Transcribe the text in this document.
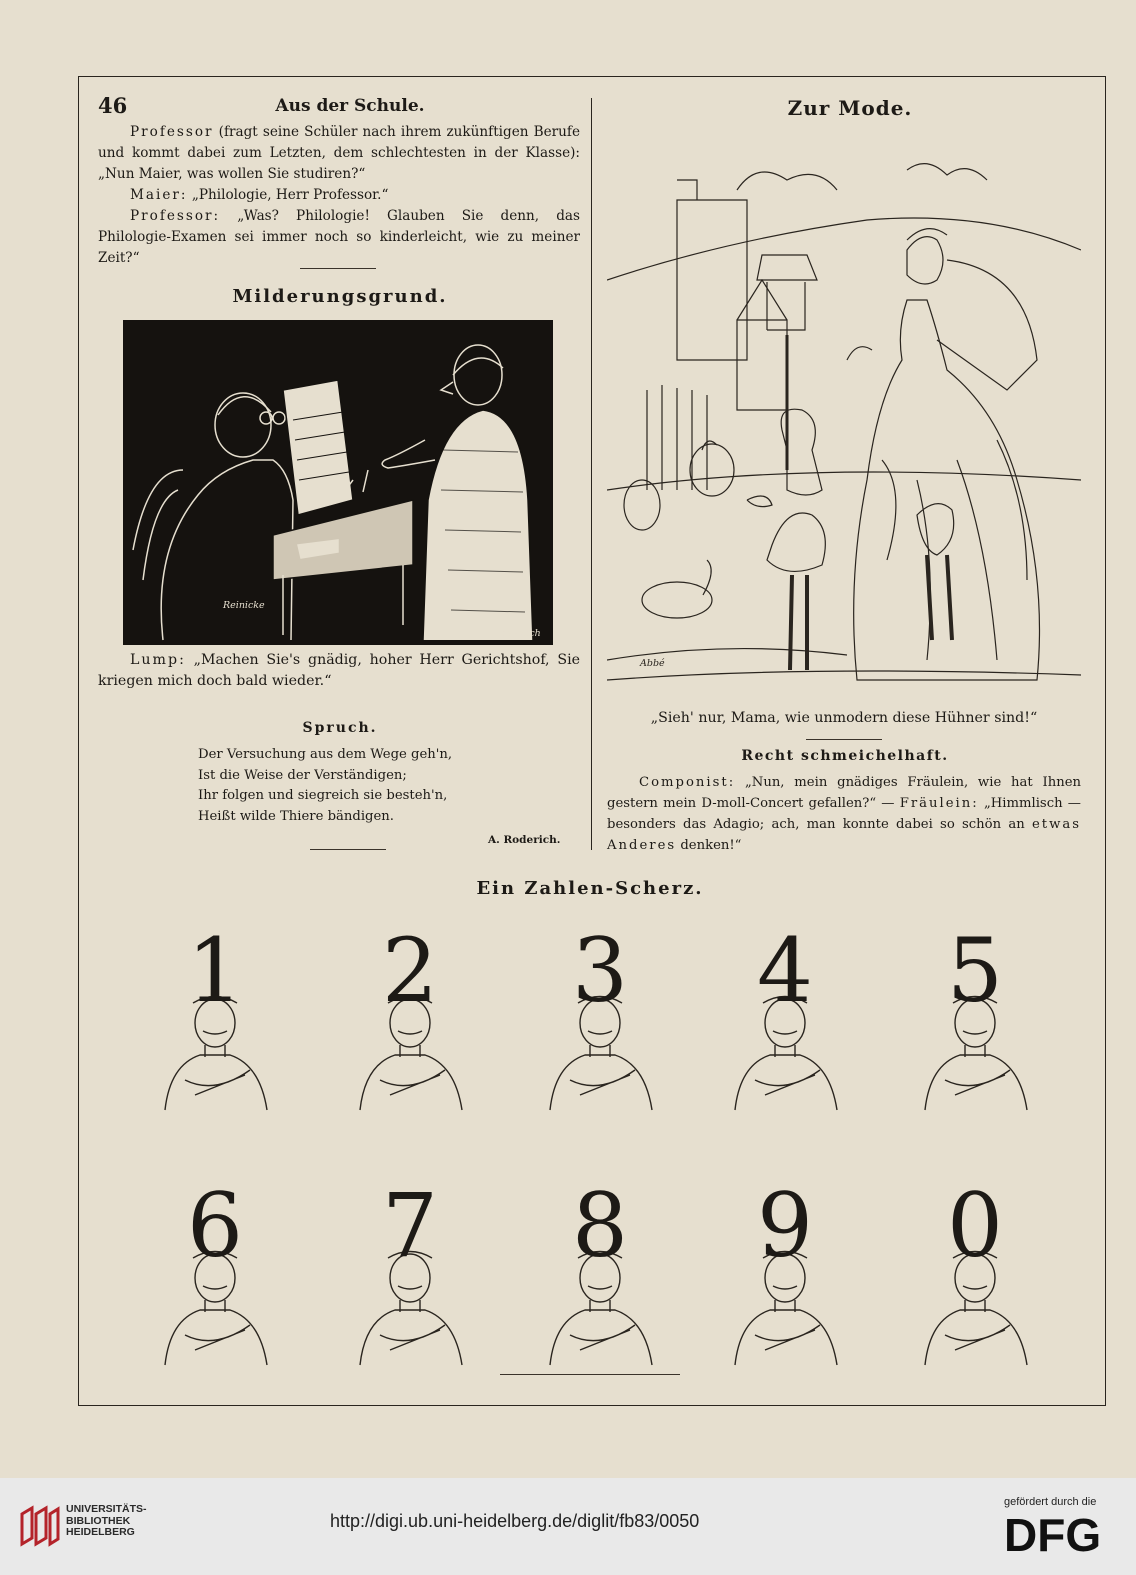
46	Aus der Schule.

Professor (fragt seine Schüler nach ihrem zukünftigen Berufe und kommt dabei zum Letzten, dem schlechtesten in der Klasse): „Nun Maier, was wollen Sie studiren?“

Maier: „Philologie, Herr Professor.“

Professor: „Was? Philologie! Glauben Sie denn, das Philologie-Examen sei immer noch so kinderleicht, wie zu meiner Zeit?“

Milderungsgrund.
Reinicke
Leisenbach

Lump: „Machen Sie's gnädig, hoher Herr Gerichtshof, Sie kriegen mich doch bald wieder.“

Spruch.
Der Versuchung aus dem Wege geh'n,
Ist die Weise der Verständigen;
Ihr folgen und siegreich sie besteh'n,
Heißt wilde Thiere bändigen.
A. Roderich.
Zur Mode.
Abbé
„Sieh' nur, Mama, wie unmodern diese Hühner sind!“
Recht schmeichelhaft.

Componist: „Nun, mein gnädiges Fräulein, wie hat Ihnen gestern mein D-moll-Concert gefallen?“ — Fräulein: „Himmlisch — besonders das Adagio; ach, man konnte dabei so schön an etwas Anderes denken!“

Ein Zahlen-Scherz.
1 2 3 4 5
6 7 8 9 0
UNIVERSITÄTS-
BIBLIOTHEK
HEIDELBERG
http://digi.ub.uni-heidelberg.de/diglit/fb83/0050
gefördert durch die
DFG
